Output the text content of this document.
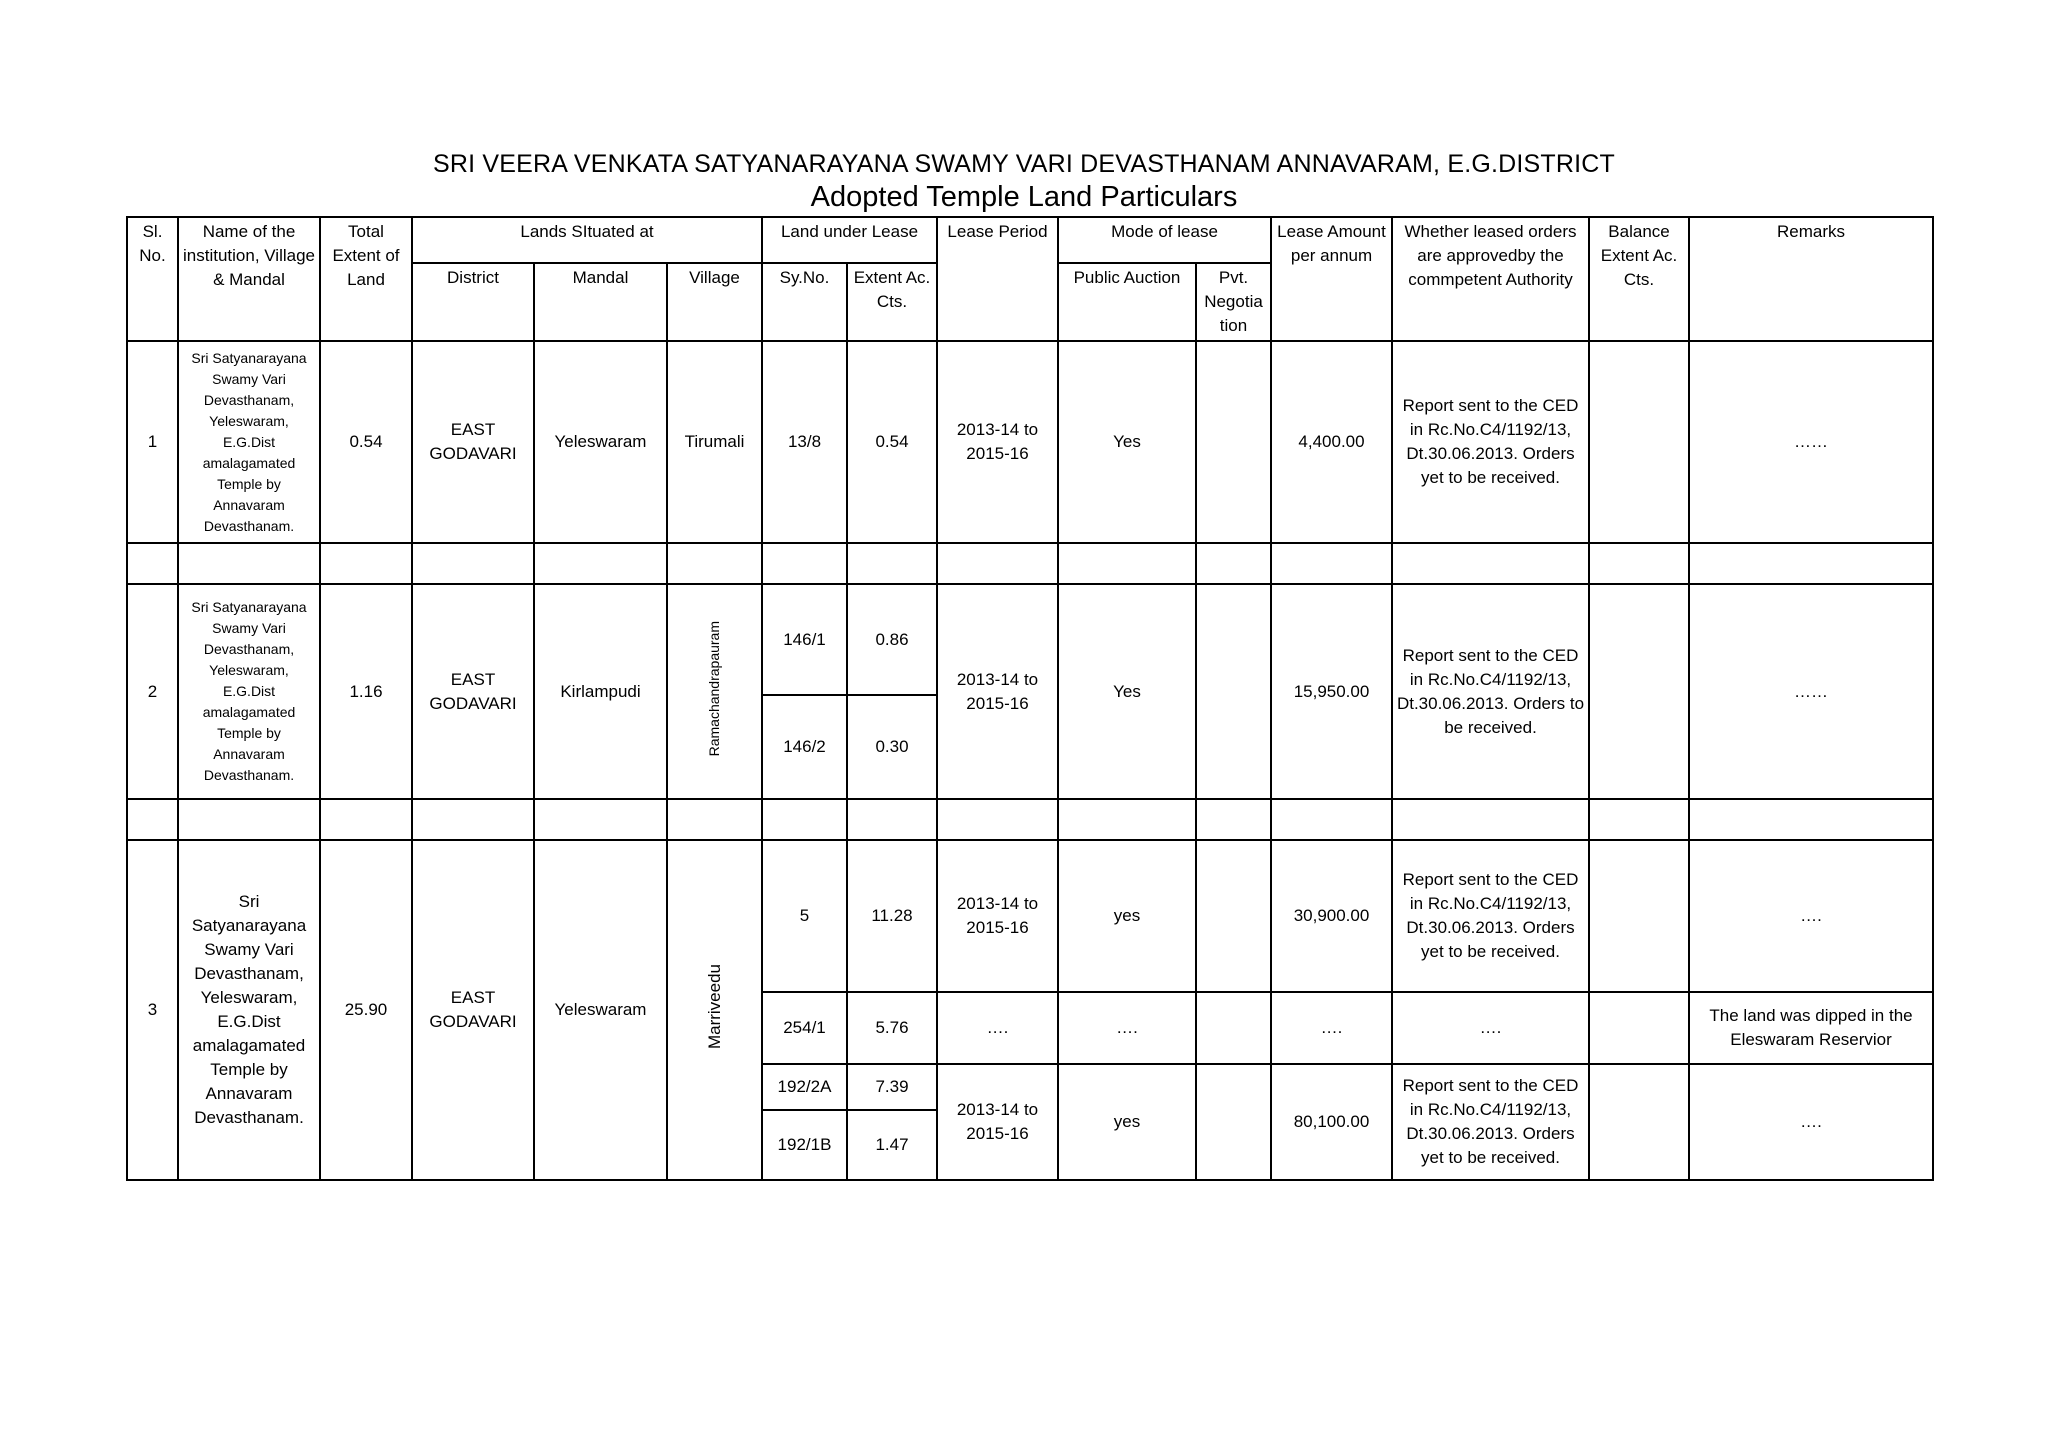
SRI VEERA VENKATA SATYANARAYANA SWAMY VARI DEVASTHANAM ANNAVARAM, E.G.DISTRICT
Adopted Temple Land Particulars
Sl. No.	Name of the institution, Village & Mandal	Total Extent of Land	Lands SItuated at			Land under Lease		Lease Period	Mode of lease		Lease Amount per annum	Whether leased orders are approvedby the commpetent Authority	Balance Extent Ac. Cts.	Remarks
			District	Mandal	Village	Sy.No.	Extent Ac. Cts.		Public Auction	Pvt. Negotia tion				
1	Sri Satyanarayana Swamy Vari Devasthanam, Yeleswaram, E.G.Dist amalagamated Temple by Annavaram Devasthanam.	0.54	EAST GODAVARI	Yeleswaram	Tirumali	13/8	0.54	2013-14 to 2015-16	Yes		4,400.00	Report sent to the CED in Rc.No.C4/1192/13, Dt.30.06.2013. Orders yet to be received.		……

2	Sri Satyanarayana Swamy Vari Devasthanam, Yeleswaram, E.G.Dist amalagamated Temple by Annavaram Devasthanam.	1.16	EAST GODAVARI	Kirlampudi	Ramachandrapauram	146/1	0.86	2013-14 to 2015-16	Yes		15,950.00	Report sent to the CED in Rc.No.C4/1192/13, Dt.30.06.2013. Orders to be received.		……
						146/2	0.30							

3	Sri Satyanarayana Swamy Vari Devasthanam, Yeleswaram, E.G.Dist amalagamated Temple by Annavaram Devasthanam.	25.90	EAST GODAVARI	Yeleswaram	Marriveedu	5	11.28	2013-14 to 2015-16	yes		30,900.00	Report sent to the CED in Rc.No.C4/1192/13, Dt.30.06.2013. Orders yet to be received.		….
						254/1	5.76	….	….		….	….		The land was dipped in the Eleswaram Reservior
						192/2A	7.39	2013-14 to 2015-16	yes		80,100.00	Report sent to the CED in Rc.No.C4/1192/13, Dt.30.06.2013. Orders yet to be received.		….
						192/1B	1.47							
